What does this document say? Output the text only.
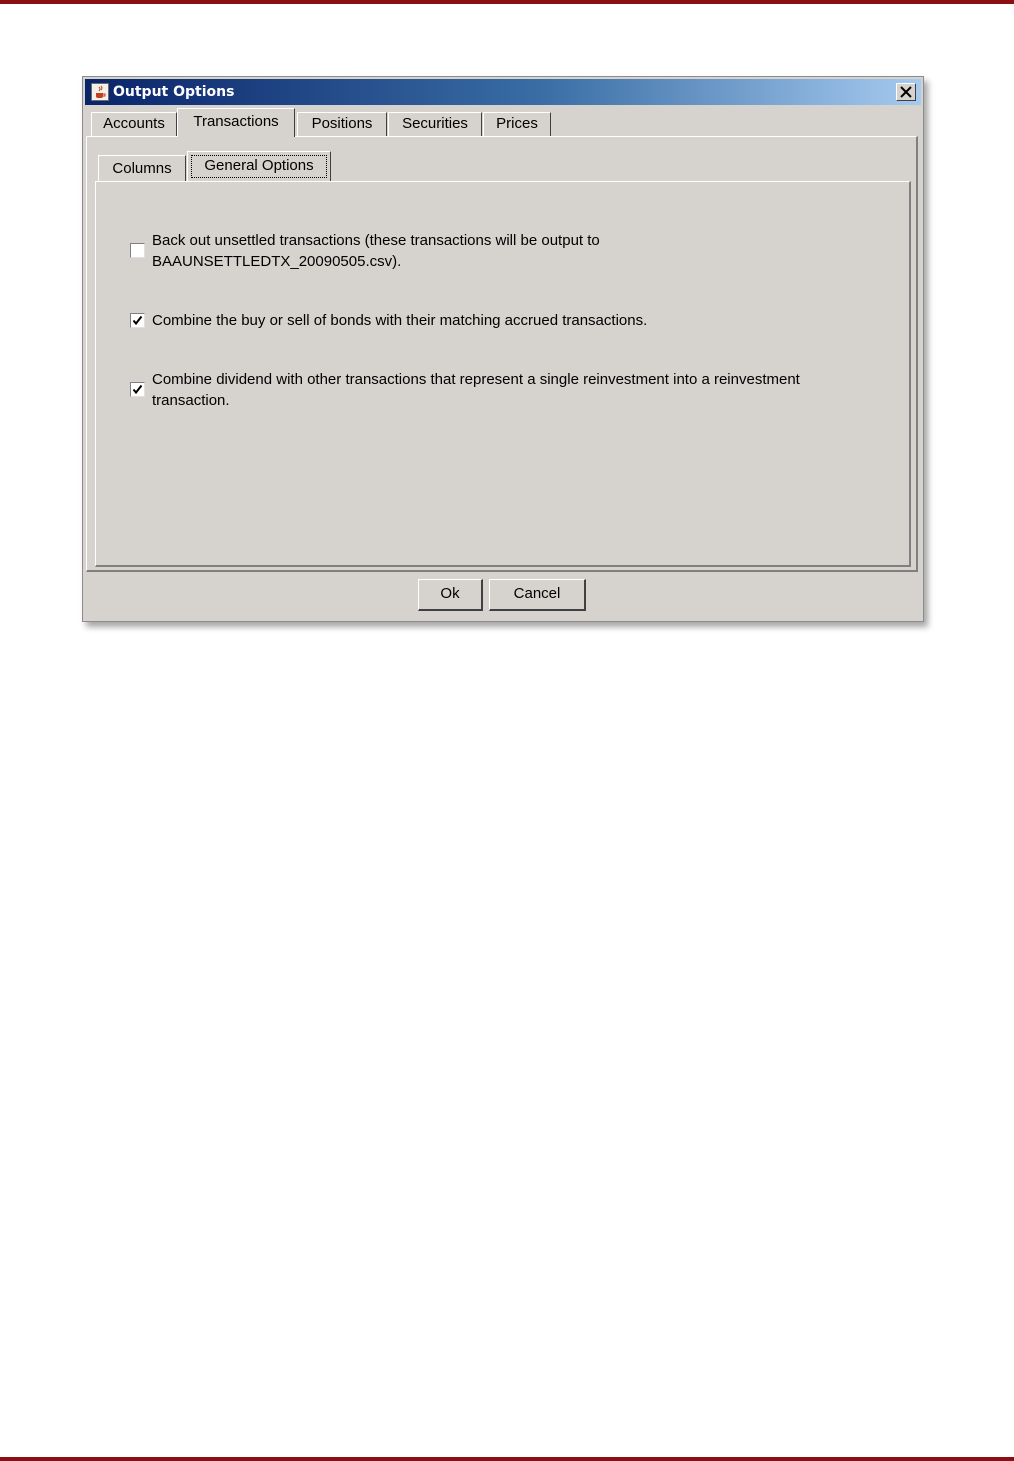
Output Options
Accounts	Transactions	Positions	Securities	Prices
Columns	General Options
Back out unsettled transactions (these transactions will be output to
BAAUNSETTLEDTX_20090505.csv).
Combine the buy or sell of bonds with their matching accrued transactions.
Combine dividend with other transactions that represent a single reinvestment into a reinvestment
transaction.
Ok	Cancel
